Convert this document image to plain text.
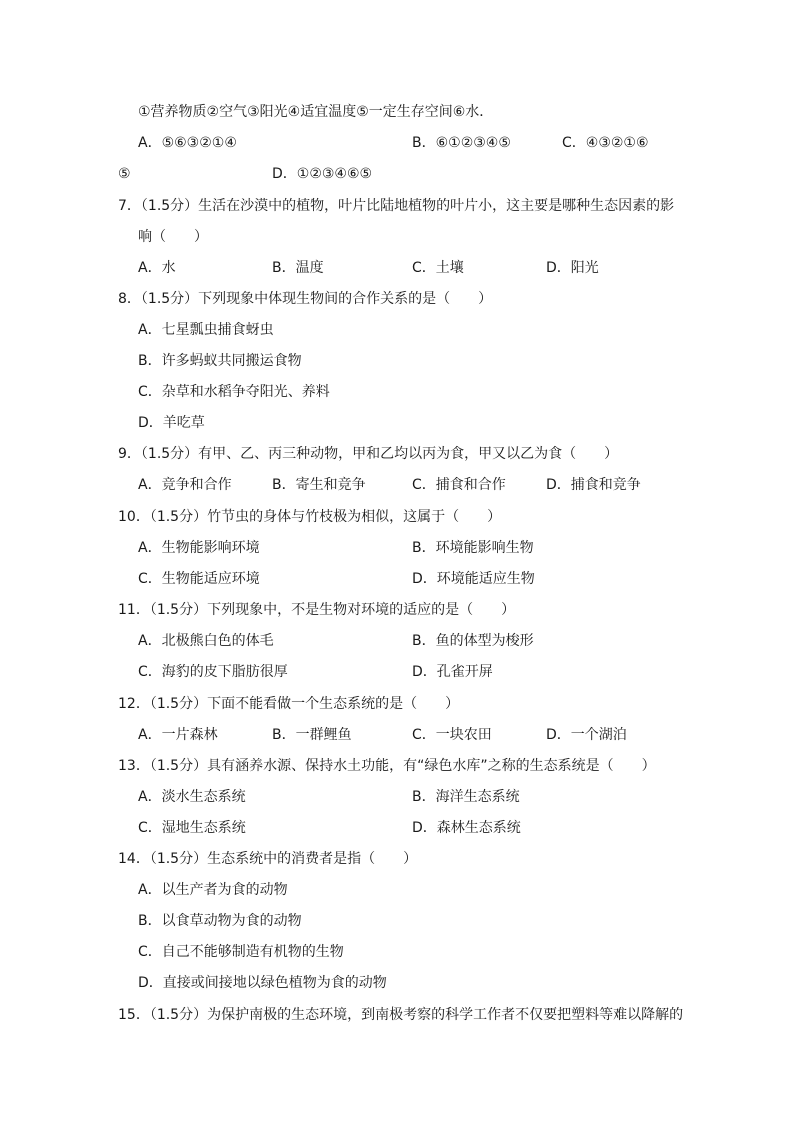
①营养物质②空气③阳光④适宜温度⑤一定生存空间⑥水．
A．⑤⑥③②①④	B．⑥①②③④⑤	C．④③②①⑥
⑤	D．①②③④⑥⑤
7．（1.5分）生活在沙漠中的植物，叶片比陆地植物的叶片小，这主要是哪种生态因素的影
响（　　）
A．水	B．温度	C．土壤	D．阳光
8．（1.5分）下列现象中体现生物间的合作关系的是（　　）
A．七星瓢虫捕食蚜虫
B．许多蚂蚁共同搬运食物
C．杂草和水稻争夺阳光、养料
D．羊吃草
9．（1.5分）有甲、乙、丙三种动物，甲和乙均以丙为食，甲又以乙为食（　　）
A．竞争和合作	B．寄生和竞争	C．捕食和合作	D．捕食和竞争
10．（1.5分）竹节虫的身体与竹枝极为相似，这属于（　　）
A．生物能影响环境	B．环境能影响生物
C．生物能适应环境	D．环境能适应生物
11．（1.5分）下列现象中，不是生物对环境的适应的是（　　）
A．北极熊白色的体毛	B．鱼的体型为梭形
C．海豹的皮下脂肪很厚	D．孔雀开屏
12．（1.5分）下面不能看做一个生态系统的是（　　）
A．一片森林	B．一群鲤鱼	C．一块农田	D．一个湖泊
13．（1.5分）具有涵养水源、保持水土功能，有“绿色水库”之称的生态系统是（　　）
A．淡水生态系统	B．海洋生态系统
C．湿地生态系统	D．森林生态系统
14．（1.5分）生态系统中的消费者是指（　　）
A．以生产者为食的动物
B．以食草动物为食的动物
C．自己不能够制造有机物的生物
D．直接或间接地以绿色植物为食的动物
15．（1.5分）为保护南极的生态环境，到南极考察的科学工作者不仅要把塑料等难以降解的
